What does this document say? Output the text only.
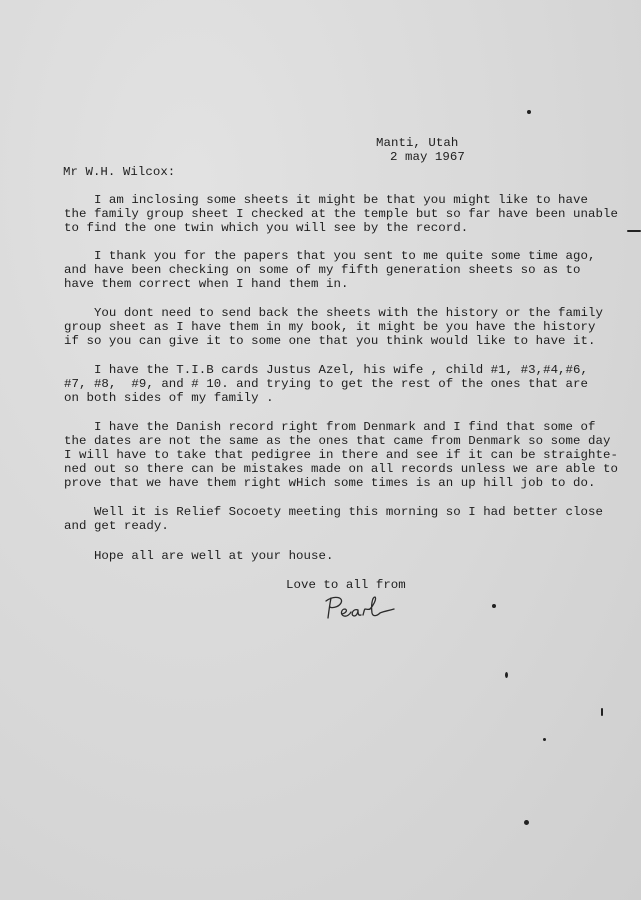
Manti, Utah
2 may 1967
Mr W.H. Wilcox:
I am inclosing some sheets it might be that you might like to have
the family group sheet I checked at the temple but so far have been unable
to find the one twin which you will see by the record.
I thank you for the papers that you sent to me quite some time ago,
and have been checking on some of my fifth generation sheets so as to
have them correct when I hand them in.
You dont need to send back the sheets with the history or the family
group sheet as I have them in my book, it might be you have the history
if so you can give it to some one that you think would like to have it.
I have the T.I.B cards Justus Azel, his wife , child #1, #3,#4,#6,
#7, #8,  #9, and # 10. and trying to get the rest of the ones that are
on both sides of my family .
I have the Danish record right from Denmark and I find that some of
the dates are not the same as the ones that came from Denmark so some day
I will have to take that pedigree in there and see if it can be straighte-
ned out so there can be mistakes made on all records unless we are able to
prove that we have them right wHich some times is an up hill job to do.
Well it is Relief Socoety meeting this morning so I had better close
and get ready.
Hope all are well at your house.
Love to all from
